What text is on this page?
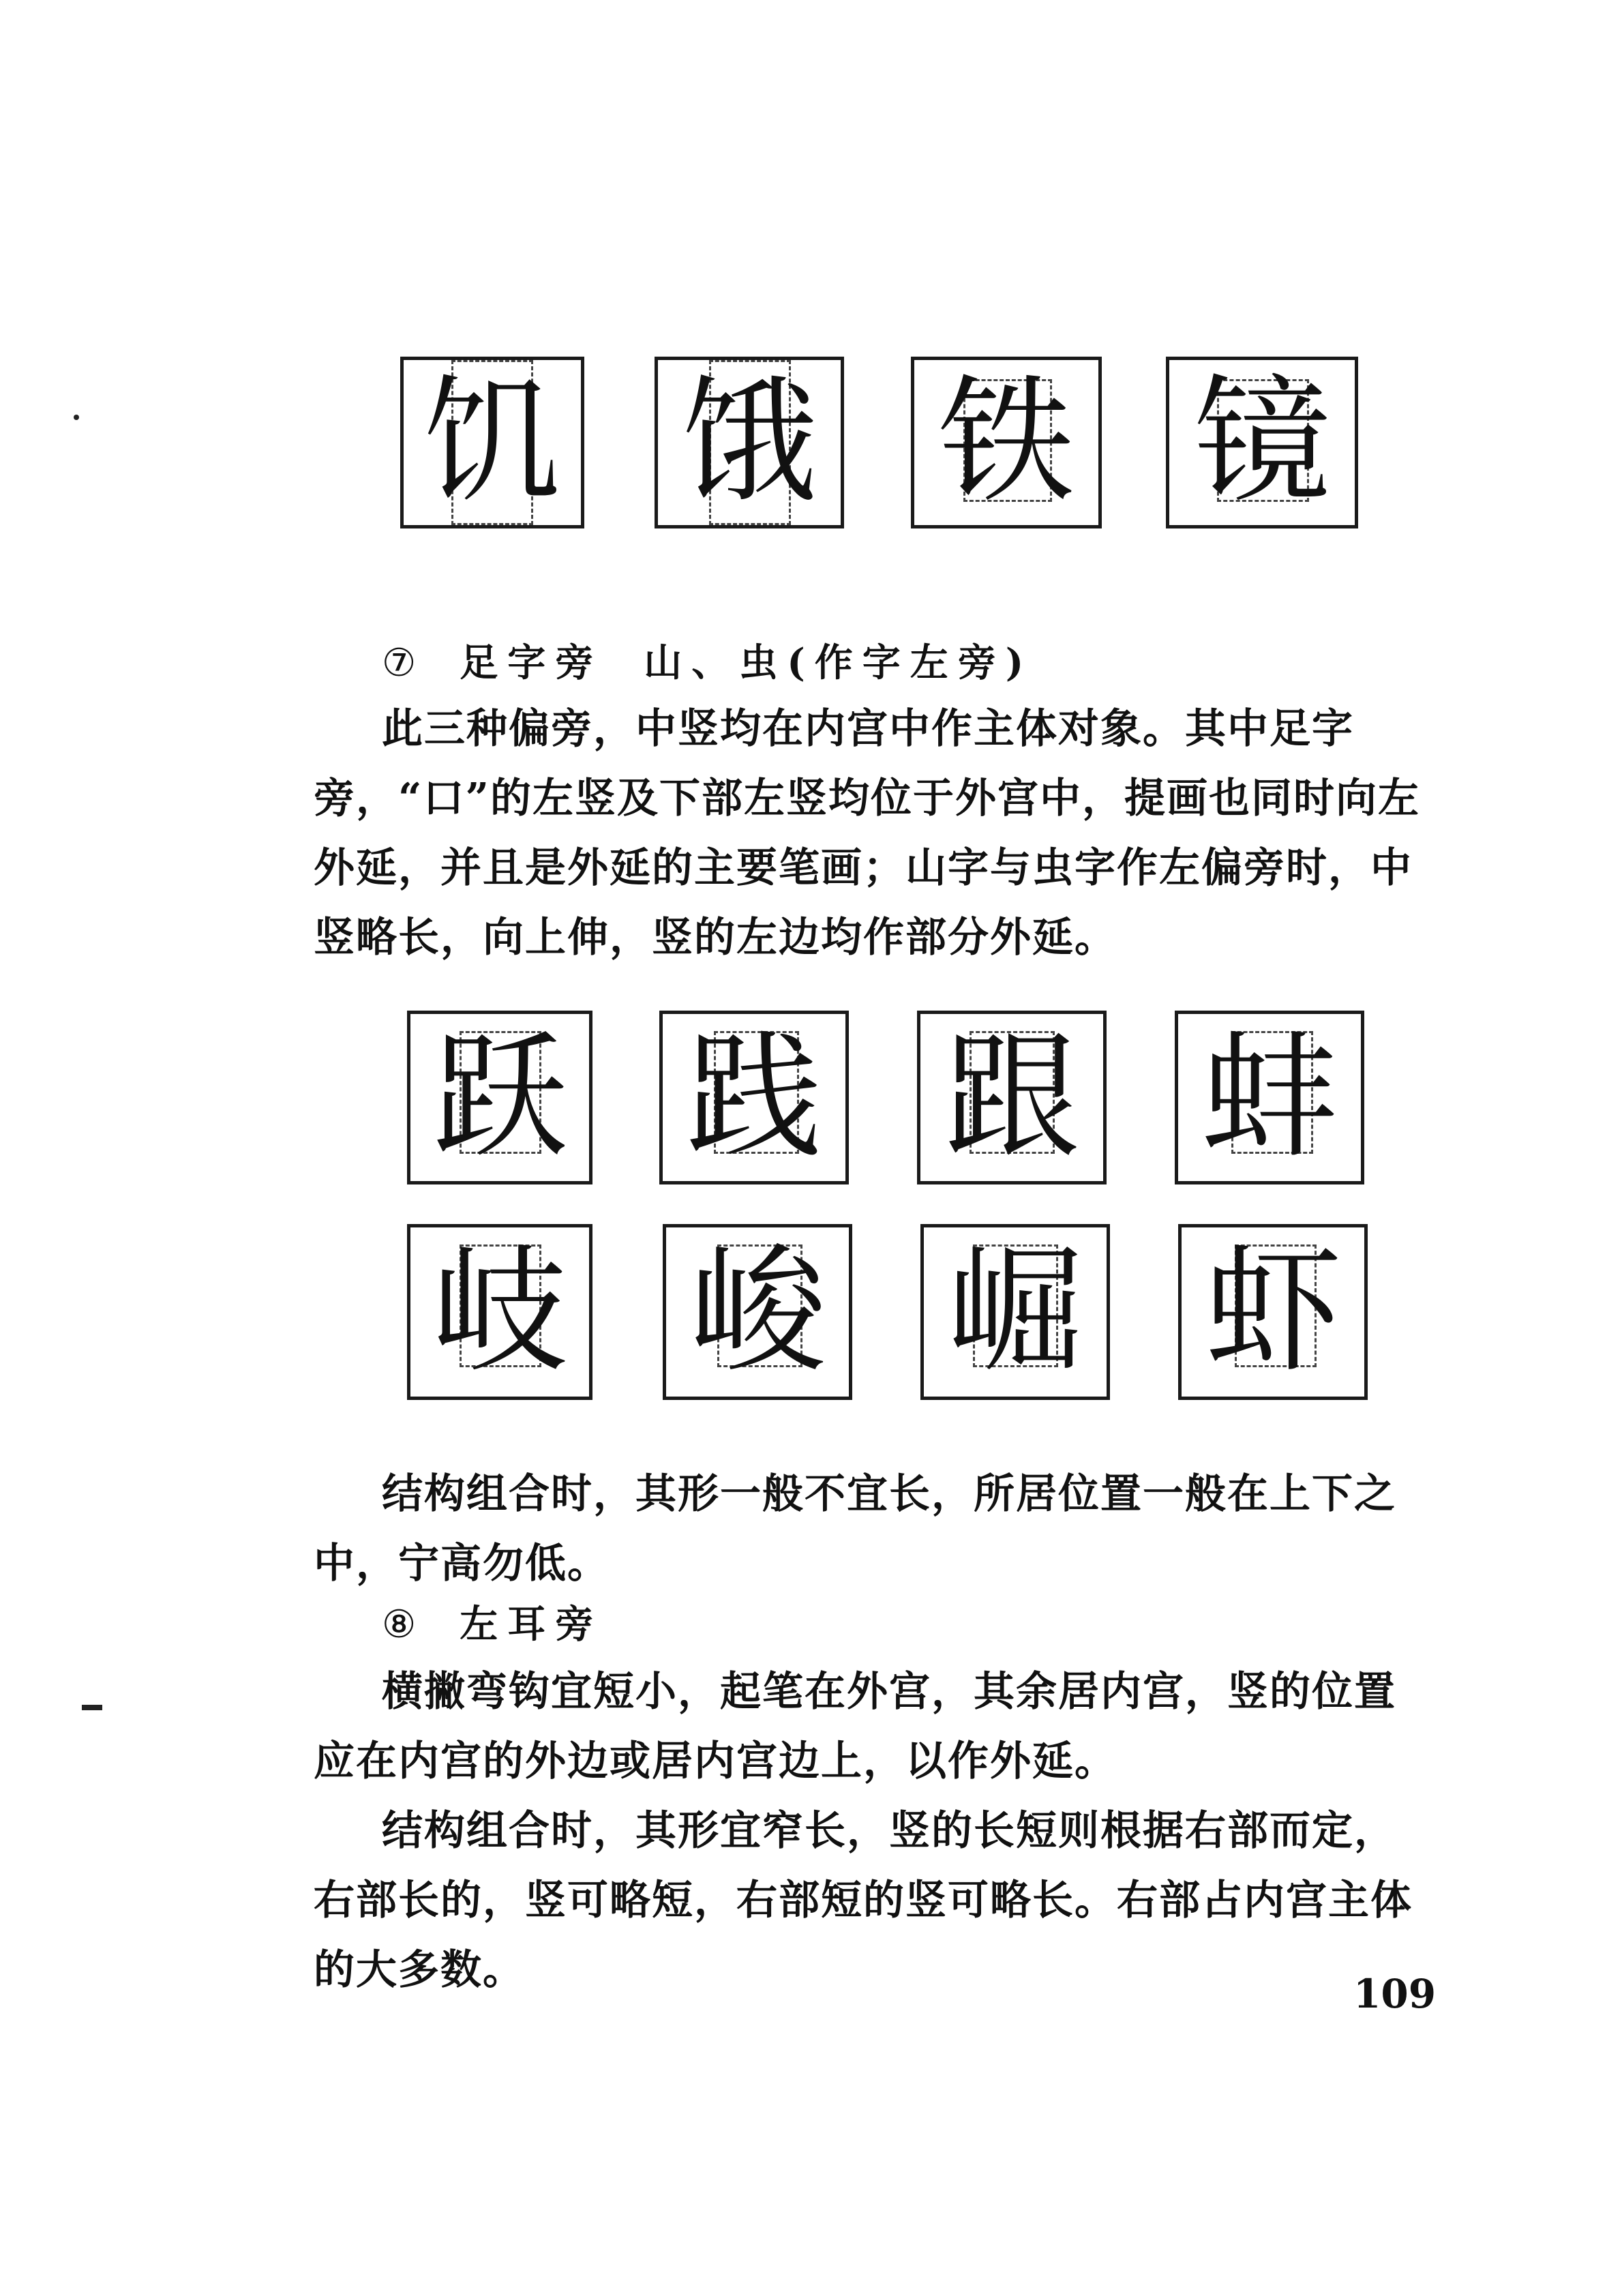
饥 饿 铁 镜
⑦ 足字旁 山、虫(作字左旁)
此三种偏旁，中竖均在内宫中作主体对象。其中足字
旁，“口”的左竖及下部左竖均位于外宫中，提画也同时向左
外延，并且是外延的主要笔画；山字与虫字作左偏旁时，中
竖略长，向上伸，竖的左边均作部分外延。
跃 践 跟 蚌
岐 峻 崛 虾
结构组合时，其形一般不宜长，所居位置一般在上下之
中，宁高勿低。
⑧ 左耳旁
横撇弯钩宜短小，起笔在外宫，其余居内宫，竖的位置
应在内宫的外边或居内宫边上，以作外延。
结构组合时，其形宜窄长，竖的长短则根据右部而定，
右部长的，竖可略短，右部短的竖可略长。右部占内宫主体
的大多数。	109
